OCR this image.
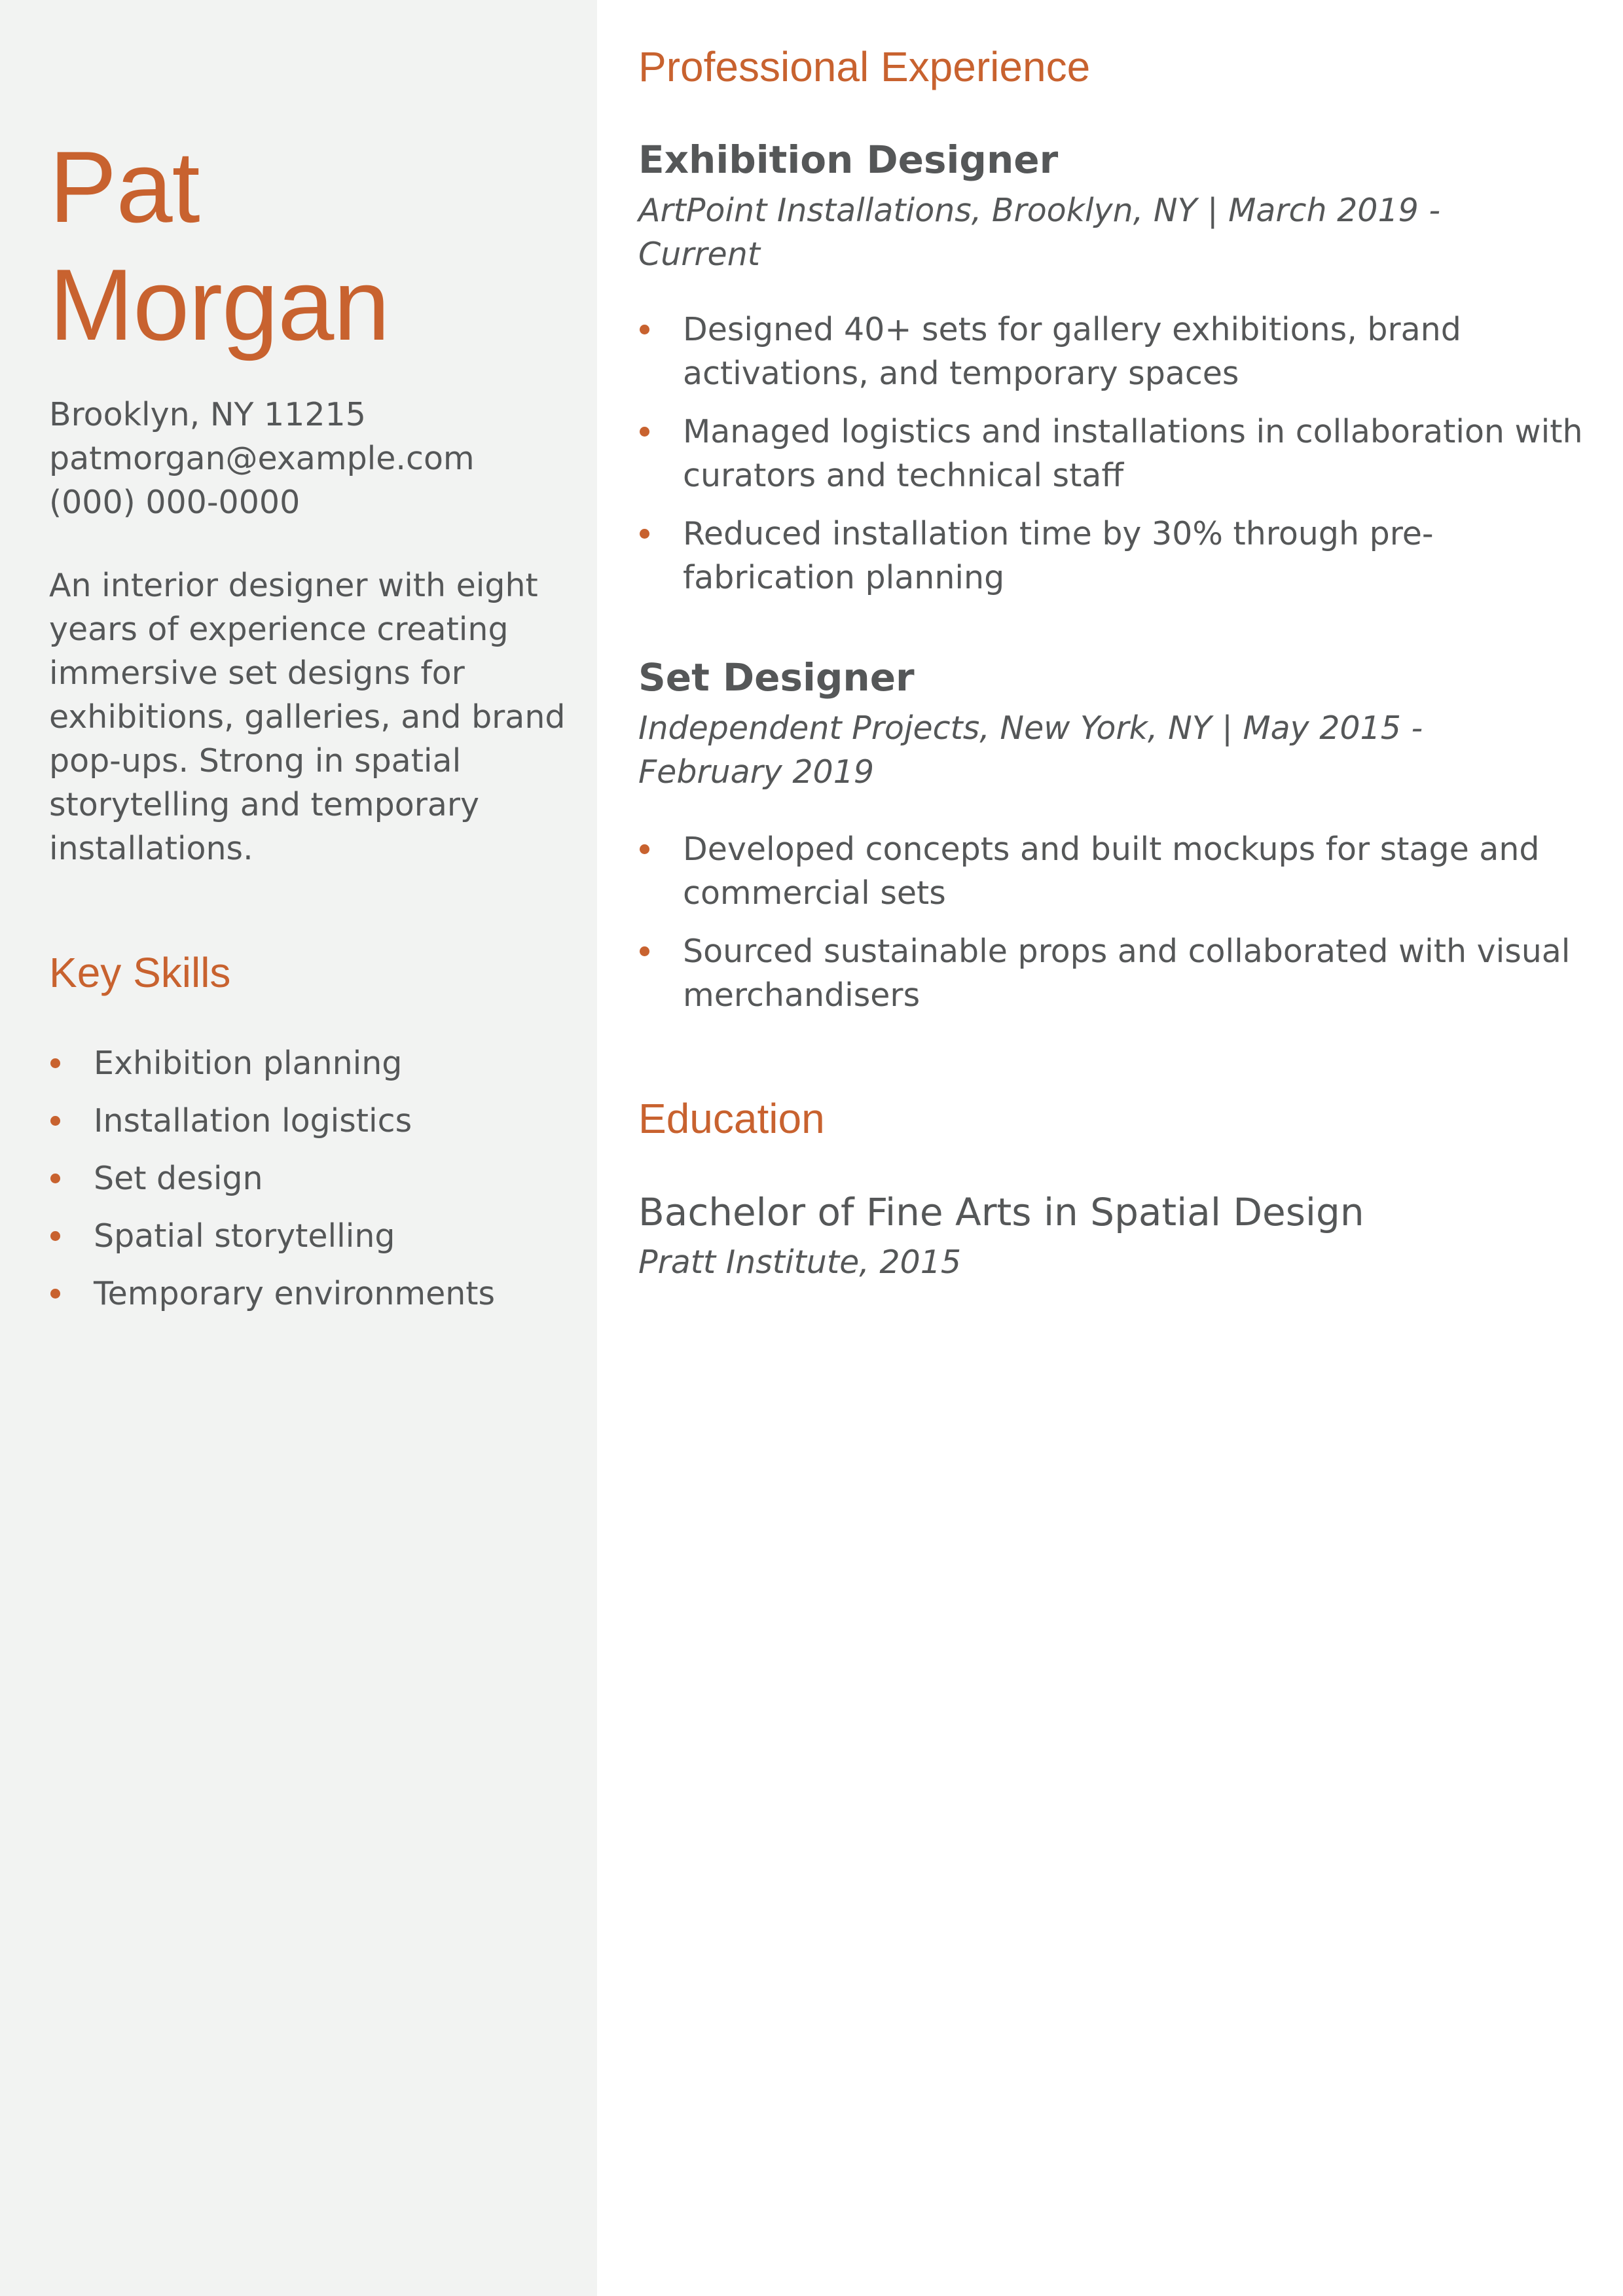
Pat
Morgan
Brooklyn, NY 11215
patmorgan@example.com
(000) 000-0000

An interior designer with eight years of experience creating immersive set designs for exhibitions, galleries, and brand pop-ups. Strong in spatial storytelling and temporary installations.

Key Skills
Exhibition planning
Installation logistics
Set design
Spatial storytelling
Temporary environments
Professional Experience
Exhibition Designer

ArtPoint Installations, Brooklyn, NY | March 2019 - Current

Designed 40+ sets for gallery exhibitions, brand activations, and temporary spaces
Managed logistics and installations in collaboration with curators and technical staff
Reduced installation time by 30% through pre-fabrication planning
Set Designer

Independent Projects, New York, NY | May 2015 - February 2019

Developed concepts and built mockups for stage and commercial sets
Sourced sustainable props and collaborated with visual merchandisers
Education
Bachelor of Fine Arts in Spatial Design

Pratt Institute, 2015
